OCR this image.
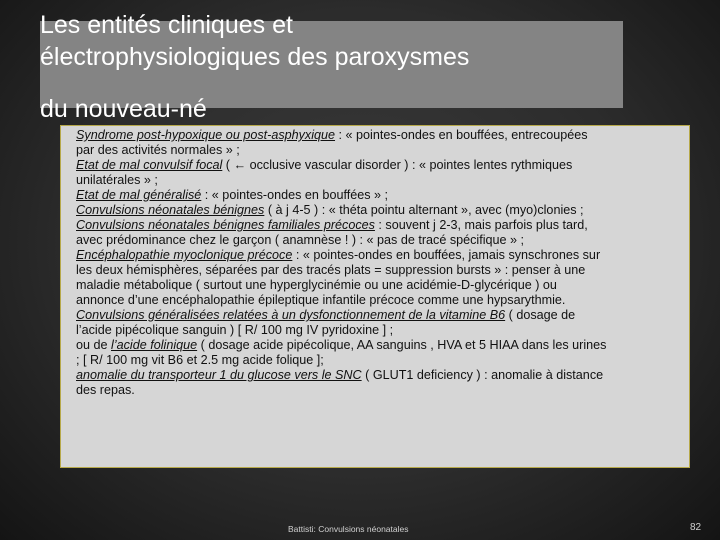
Les entités cliniques et
électrophysiologiques des paroxysmes
du nouveau-né
Syndrome post-hypoxique ou post-asphyxique : « pointes-ondes en bouffées, entrecoupées par des activités normales » ;
Etat de mal convulsif focal ( ← occlusive vascular disorder ) : « pointes lentes rythmiques unilatérales » ;
Etat de mal généralisé : « pointes-ondes en bouffées » ;
Convulsions néonatales bénignes ( à j 4-5 ) : « théta pointu alternant », avec (myo)clonies ;
Convulsions néonatales bénignes familiales précoces : souvent j 2-3, mais parfois plus tard, avec prédominance chez le garçon ( anamnèse ! ) : « pas de tracé spécifique » ;
Encéphalopathie myoclonique précoce : « pointes-ondes en bouffées, jamais synschrones sur les deux hémisphères, séparées par des tracés plats = suppression bursts » : penser à une maladie métabolique ( surtout une hyperglycinémie ou une acidémie-D-glycérique ) ou annonce d’une encéphalopathie épileptique infantile précoce comme une hypsarythmie.
Convulsions généralisées relatées à un dysfonctionnement de la vitamine B6 ( dosage de l’acide pipécolique sanguin ) [ R/ 100 mg IV pyridoxine ] ;
ou de l’acide folinique ( dosage acide pipécolique, AA sanguins , HVA et 5 HIAA dans les urines ; [ R/ 100 mg vit B6 et 2.5 mg acide folique ];
anomalie du transporteur 1 du glucose vers le SNC ( GLUT1 deficiency ) : anomalie à distance des repas.
Battisti: Convulsions néonatales	82
